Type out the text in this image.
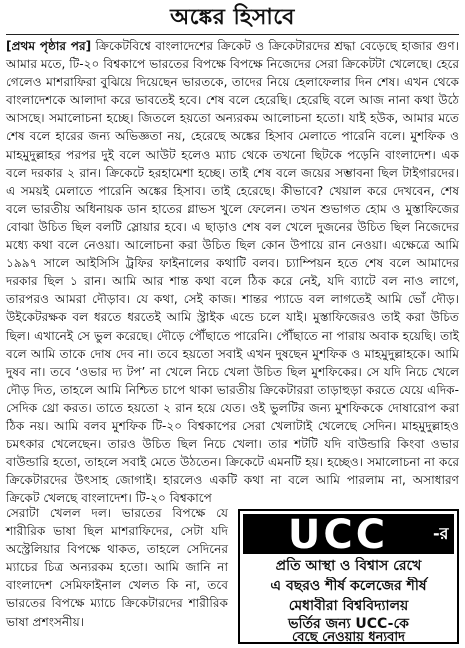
অঙ্কের হিসাবে
[প্রথম পৃষ্ঠার পর] ক্রিকেটবিশ্বে বাংলাদেশের ক্রিকেট ও ক্রিকেটারদের শ্রদ্ধা বেড়েছে হাজার গুণ। আমার মতে, টি-২০ বিশ্বকাপে ভারতের বিপক্ষে বিপক্ষে নিজেদের সেরা ক্রিকেটটা খেলেছে। হেরে গেলেও মাশরাফিরা বুঝিয়ে দিয়েছেন ভারতকে, তাদের নিয়ে হেলাফেলার দিন শেষ। এখন থেকে বাংলাদেশকে আলাদা করে ভাবতেই হবে। শেষ বলে হেরেছি। হেরেছি বলে আজ নানা কথা উঠে আসছে। সমালোচনা হচ্ছে। জিতলে হয়তো অন্যরকম আলোচনা হতো। যাই হউক, আমার মতে শেষ বলে হারের জন্য অভিজ্ঞতা নয়, হেরেছে অঙ্কের হিসাব মেলাতে পারেনি বলে। মুশফিক ও মাহমুদুল্লাহর পরপর দুই বলে আউট হলেও ম্যাচ থেকে তখনো ছিটকে পড়েনি বাংলাদেশ। এক বলে দরকার ২ রান। ক্রিকেটে হরহামেশা হচ্ছে। তাই শেষ বলে জয়ের সম্ভাবনা ছিল টাইগারদের। এ সময়ই মেলাতে পারেনি অঙ্কের হিসাব। তাই হেরেছে। কীভাবে? খেয়াল করে দেখবেন, শেষ বলে ভারতীয় অধিনায়ক ডান হাতের গ্লাভস খুলে ফেলেন। তখন শুভাগত হোম ও মুস্তাফিজের বোঝা উচিত ছিল বলটি স্লোয়ার হবে। এ ছাড়াও শেষ বল খেলে দুজনের উচিত ছিল নিজেদের মধ্যে কথা বলে নেওয়া। আলোচনা করা উচিত ছিল কোন উপায়ে রান নেওয়া। এক্ষেত্রে আমি ১৯৯৭ সালে আইসিসি ট্রফির ফাইনালের কথাটি বলব। চ্যাম্পিয়ন হতে শেষ বলে আমাদের দরকার ছিল ১ রান। আমি আর শান্ত কথা বলে ঠিক করে নেই, যদি ব্যাটে বল নাও লাগে, তারপরও আমরা দৌড়াব। যে কথা, সেই কাজ। শান্তর প্যাডে বল লাগতেই আমি ভোঁ দৌড়। উইকেটরক্ষক বল ধরতে ধরতেই আমি স্ট্রাইক এন্ডে চলে যাই। মুস্তাফিজেরও তাই করা উচিত ছিল। এখানেই সে ভুল করেছে। দৌড়ে পৌঁছাতে পারেনি। পৌঁছাতে না পারায় অবাক হয়েছি। তাই বলে আমি তাকে দোষ দেব না। তবে হয়তো সবাই এখন দুষছেন মুশফিক ও মাহমুদুল্লাহকে। আমি দুষব না। তবে ‘ওভার দ্য টপ’ না খেলে নিচে খেলা উচিত ছিল মুশফিকের। সে যদি নিচে খেলে দৌড় দিত, তাহলে আমি নিশ্চিত চাপে থাকা ভারতীয় ক্রিকেটাররা তাড়াহুড়া করতে যেয়ে এদিক-সেদিক থ্রো করত। তাতে হয়তো ২ রান হয়ে যেত। ওই ভুলটির জন্য মুশফিককে দোষারোপ করা ঠিক নয়। আমি বলব মুশফিক টি-২০ বিশ্বকাপের সেরা খেলাটাই খেলেছে সেদিন। মাহমুদুল্লাহও চমৎকার খেলেছেন। তারও উচিত ছিল নিচে খেলা। তার শটটি যদি বাউন্ডারি কিংবা ওভার বাউন্ডারি হতো, তাহলে সবাই মেতে উঠতেন। ক্রিকেটে এমনটি হয়। হচ্ছেও। সমালোচনা না করে ক্রিকেটারদের উৎসাহ জোগাই। হারলেও একটি কথা না বলে আমি পারলাম না, অসাধারণ ক্রিকেট খেলছে বাংলাদেশ। টি-২০ বিশ্বকাপে
সেরাটা খেলল দল। ভারতের বিপক্ষে যে শারীরিক ভাষা ছিল মাশরাফিদের, সেটা যদি অস্ট্রেলিয়ার বিপক্ষে থাকত, তাহলে সেদিনের ম্যাচের চিত্র অন্যরকম হতো। আমি জানি না বাংলাদেশ সেমিফাইনাল খেলত কি না, তবে ভারতের বিপক্ষে ম্যাচে ক্রিকেটারদের শারীরিক ভাষা প্রশংসনীয়।
UCC	-র
প্রতি আস্থা ও বিশ্বাস রেখে
এ বছরও শীর্ষ কলেজের শীর্ষ
মেধাবীরা বিশ্ববিদ্যালয়
ভর্তির জন্য UCC-কে
বেছে নেওয়ায় ধন্যবাদ
